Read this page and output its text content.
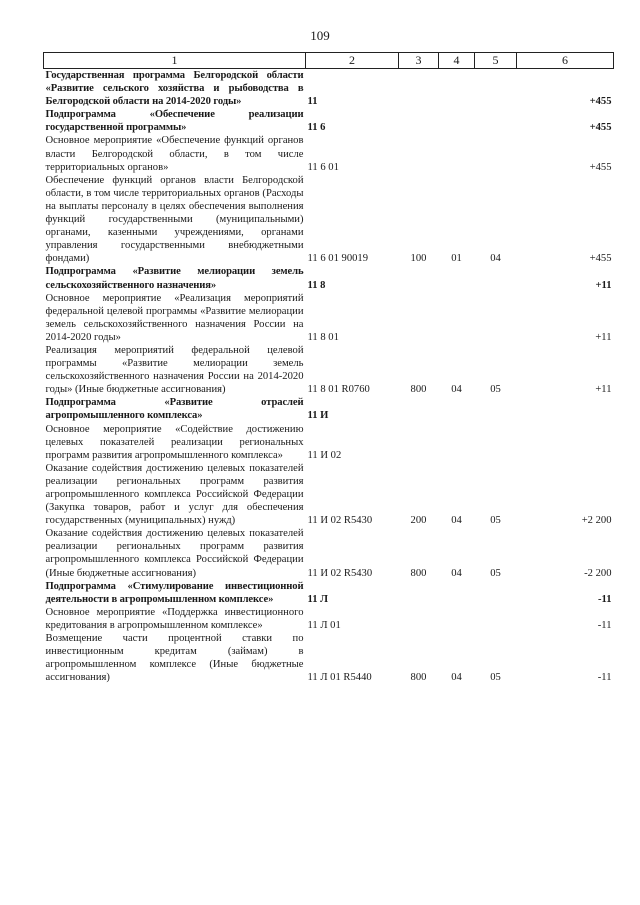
109
1	2	3	4	5	6
Государственная программа Белгородской области «Развитие сельского хозяйства и рыбоводства в Белгородской области на 2014-2020 годы»	11				+455
Подпрограмма «Обеспечение реализации государственной программы»	11 6				+455
Основное мероприятие «Обеспечение функций органов власти Белгородской области, в том числе территориальных органов»	11 6 01				+455
Обеспечение функций органов власти Белгородской области, в том числе территориальных органов (Расходы на выплаты персоналу в целях обеспечения выполнения функций государственными (муниципальными) органами, казенными учреждениями, органами управления государственными внебюджетными фондами)	11 6 01 90019	100	01	04	+455
Подпрограмма «Развитие мелиорации земель сельскохозяйственного назначения»	11 8				+11
Основное мероприятие «Реализация мероприятий федеральной целевой программы «Развитие мелиорации земель сельскохозяйственного назначения России на 2014-2020 годы»	11 8 01				+11
Реализация мероприятий федеральной целевой программы «Развитие мелиорации земель сельскохозяйственного назначения России на 2014-2020 годы» (Иные бюджетные ассигнования)	11 8 01 R0760	800	04	05	+11
Подпрограмма «Развитие отраслей агропромышленного комплекса»	11 И				
Основное мероприятие «Содействие достижению целевых показателей реализации региональных программ развития агропромышленного комплекса»	11 И 02				
Оказание содействия достижению целевых показателей реализации региональных программ развития агропромышленного комплекса Российской Федерации (Закупка товаров, работ и услуг для обеспечения государственных (муниципальных) нужд)	11 И 02 R5430	200	04	05	+2 200
Оказание содействия достижению целевых показателей реализации региональных программ развития агропромышленного комплекса Российской Федерации (Иные бюджетные ассигнования)	11 И 02 R5430	800	04	05	-2 200
Подпрограмма «Стимулирование инвестиционной деятельности в агропромышленном комплексе»	11 Л				-11
Основное мероприятие «Поддержка инвестиционного кредитования в агропромышленном комплексе»	11 Л 01				-11
Возмещение части процентной ставки по инвестиционным кредитам (займам) в агропромышленном комплексе (Иные бюджетные ассигнования)	11 Л 01 R5440	800	04	05	-11
